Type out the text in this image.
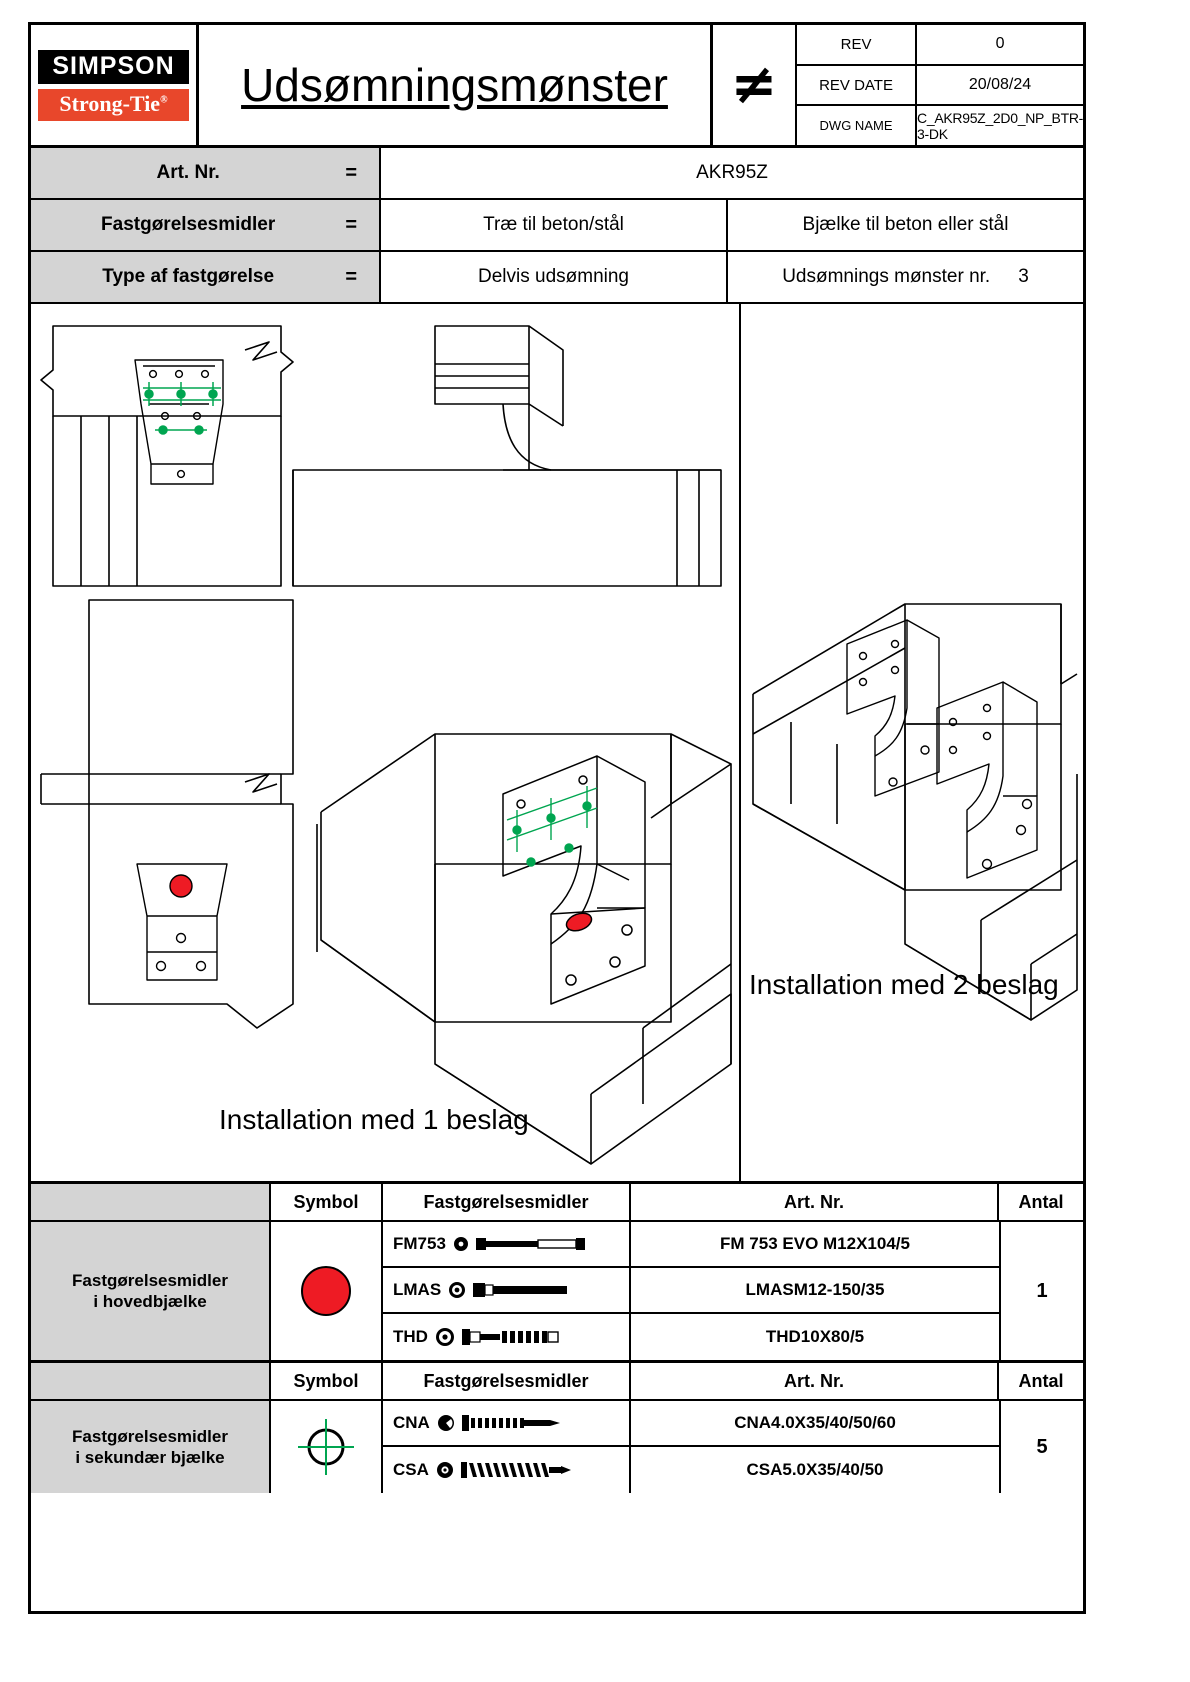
SIMPSON
Strong-Tie®	Udsømningsmønster ≠
REV	0
REV DATE	20/08/24
DWG NAME	C_AKR95Z_2D0_NP_BTR-3-DK
Art. Nr.	=	AKR95Z
Fastgørelsesmidler	=	Træ til beton/stål	Bjælke til beton eller stål
Type af fastgørelse	=	Delvis udsømning	Udsømnings mønster nr. 3
Installation med 1 beslag
Installation med 2 beslag
Symbol	Fastgørelsesmidler	Art. Nr.	Antal
Fastgørelsesmidler
i hovedbjælke
FM753	FM 753 EVO M12X104/5
LMAS	LMASM12-150/35
THD	THD10X80/5
1
Symbol	Fastgørelsesmidler	Art. Nr.	Antal
Fastgørelsesmidler
i sekundær bjælke
CNA	CNA4.0X35/40/50/60
CSA	CSA5.0X35/40/50
5
